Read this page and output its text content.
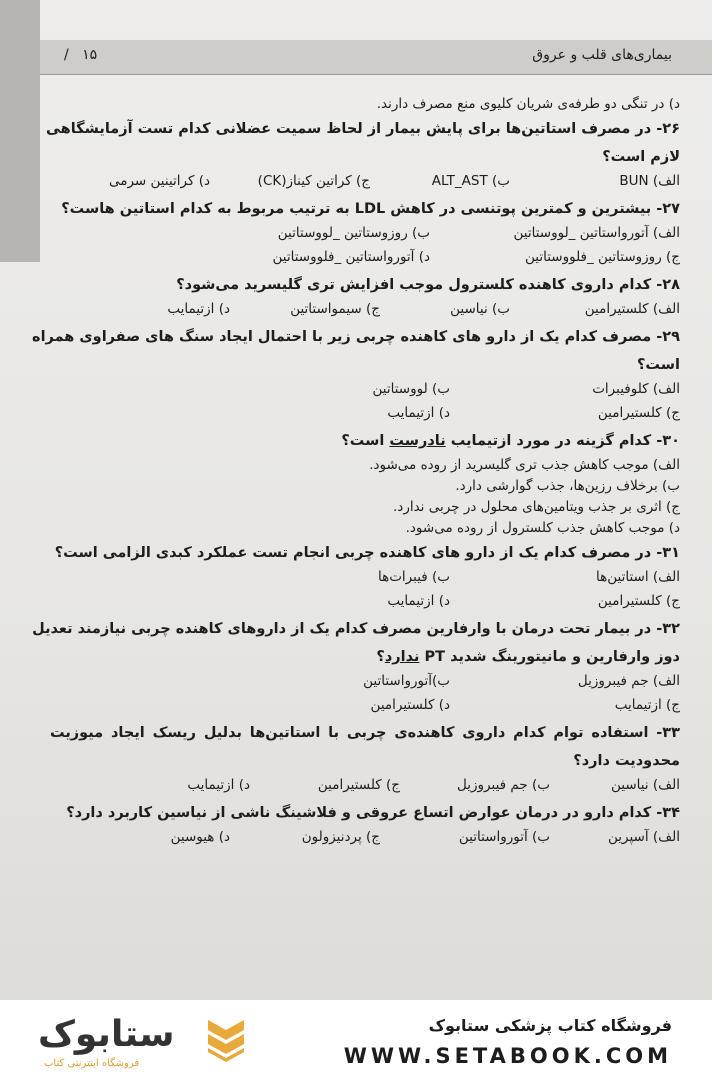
بیماری‌های قلب و عروق
۱۵   /
د) در تنگی دو طرفه‌ی شریان کلیوی منع مصرف دارند.
۲۶- در مصرف استاتین‌ها برای پایش بیمار از لحاظ سمیت عضلانی کدام تست آزمایشگاهی
لازم است؟
الف) BUN
ب) ALT_AST
ج) کراتین کیناز(CK)
د) کراتینین سرمی
۲۷- بیشترین و کمترین پوتنسی در کاهش LDL به ترتیب مربوط به کدام استاتین هاست؟
الف) آتورواستاتین _لووستاتین
ب) روزوستاتین _لووستاتین
ج) روزوستاتین _فلووستاتین
د) آتورواستاتین _فلووستاتین
۲۸- کدام داروی کاهنده کلسترول موجب افزایش تری گلیسرید می‌شود؟
الف) کلستیرامین
ب) نیاسین
ج) سیمواستاتین
د) ازتیمایب
۲۹- مصرف کدام یک از دارو های کاهنده چربی زیر با احتمال ایجاد سنگ های صفراوی همراه
است؟
الف) کلوفیبرات
ب) لووستاتین
ج) کلستیرامین
د) ازتیمایب
۳۰- کدام گزینه در مورد ازتیمایب نادرست است؟
الف) موجب کاهش جذب تری گلیسرید از روده می‌شود.
ب) برخلاف رزین‌ها، جذب گوارشی دارد.
ج) اثری بر جذب ویتامین‌های محلول در چربی ندارد.
د) موجب کاهش جذب کلسترول از روده می‌شود.
۳۱- در مصرف کدام یک از دارو های کاهنده چربی انجام تست عملکرد کبدی الزامی است؟
الف) استاتین‌ها
ب) فیبرات‌ها
ج) کلستیرامین
د) ازتیمایب
۳۲- در بیمار تحت درمان با وارفارین مصرف کدام یک از داروهای کاهنده چربی نیازمند تعدیل
دوز وارفارین و مانیتورینگ شدید PT ندارد؟
الف) جم فیبروزیل
ب)آتورواستاتین
ج) ازتیمایب
د) کلستیرامین
۳۳- استفاده توام کدام داروی کاهنده‌ی چربی با استاتین‌ها بدلیل ریسک ایجاد میوزیت
محدودیت دارد؟
الف) نیاسین
ب) جم فیبروزیل
ج) کلستیرامین
د) ازتیمایب
۳۴- کدام دارو در درمان عوارض اتساع عروقی و فلاشینگ ناشی از نیاسین کاربرد دارد؟
الف) آسپرین
ب) آتورواستاتین
ج) پردنیزولون
د) هیوسین
فروشگاه کتاب پزشکی ستابوک
WWW.SETABOOK.COM
ستابوک
فروشگاه اینترنتی کتاب
